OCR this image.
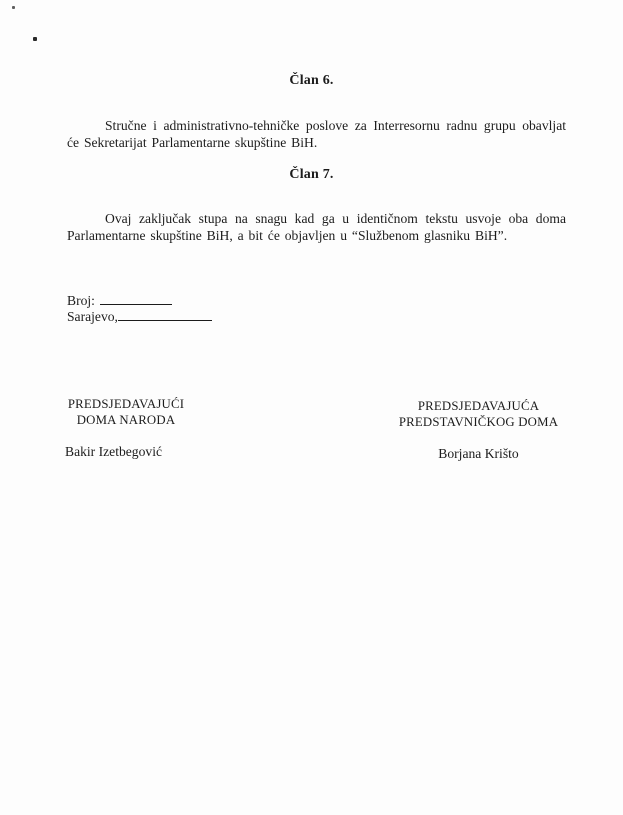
Član 6.

Stručne i administrativno-tehničke poslove za Interresornu radnu grupu obavljat će Sekretarijat Parlamentarne skupštine BiH.

Član 7.

Ovaj zaključak stupa na snagu kad ga u identičnom tekstu usvoje oba doma Parlamentarne skupštine BiH, a bit će objavljen u “Službenom glasniku BiH”.

Broj:
Sarajevo,
PREDSJEDAVAJUĆI
DOMA NARODA
PREDSJEDAVAJUĆA
PREDSTAVNIČKOG DOMA
Bakir Izetbegović	Borjana Krišto
